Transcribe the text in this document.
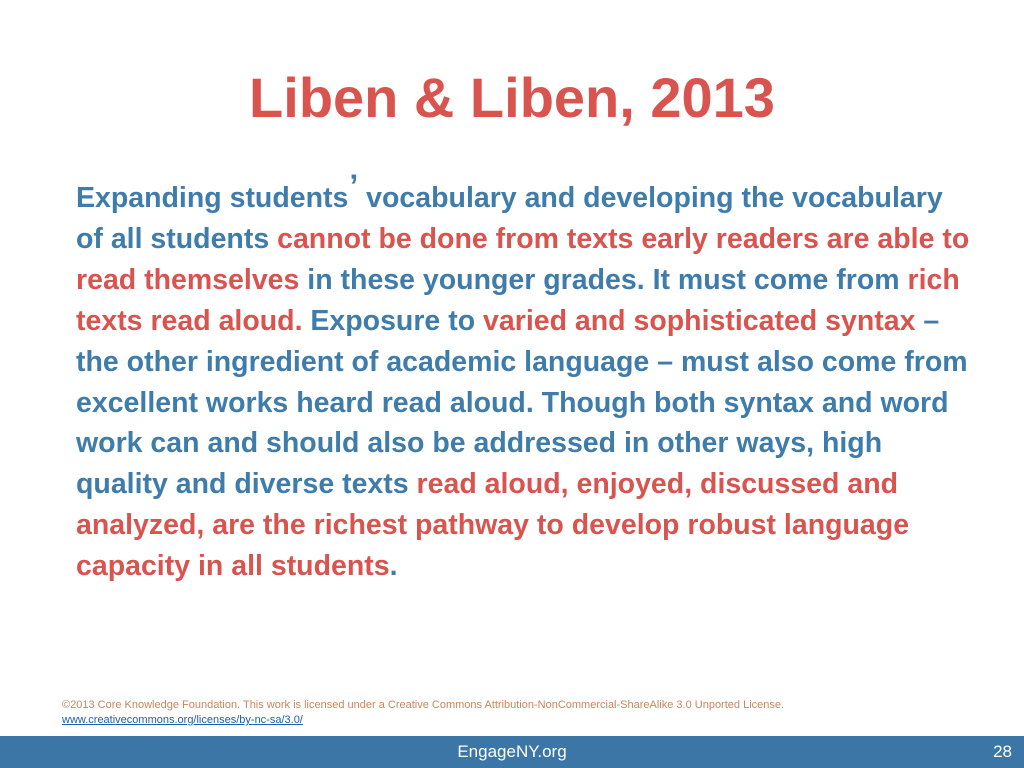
Liben & Liben, 2013

Expanding students’ vocabulary and developing the vocabulary of all students cannot be done from texts early readers are able to read themselves in these younger grades. It must come from rich texts read aloud. Exposure to varied and sophisticated syntax – the other ingredient of academic language – must also come from excellent works heard read aloud. Though both syntax and word work can and should also be addressed in other ways, high quality and diverse texts read aloud, enjoyed, discussed and analyzed, are the richest pathway to develop robust language capacity in all students.

©2013 Core Knowledge Foundation. This work is licensed under a Creative Commons Attribution-NonCommercial-ShareAlike 3.0 Unported License.
www.creativecommons.org/licenses/by-nc-sa/3.0/
EngageNY.org	28
